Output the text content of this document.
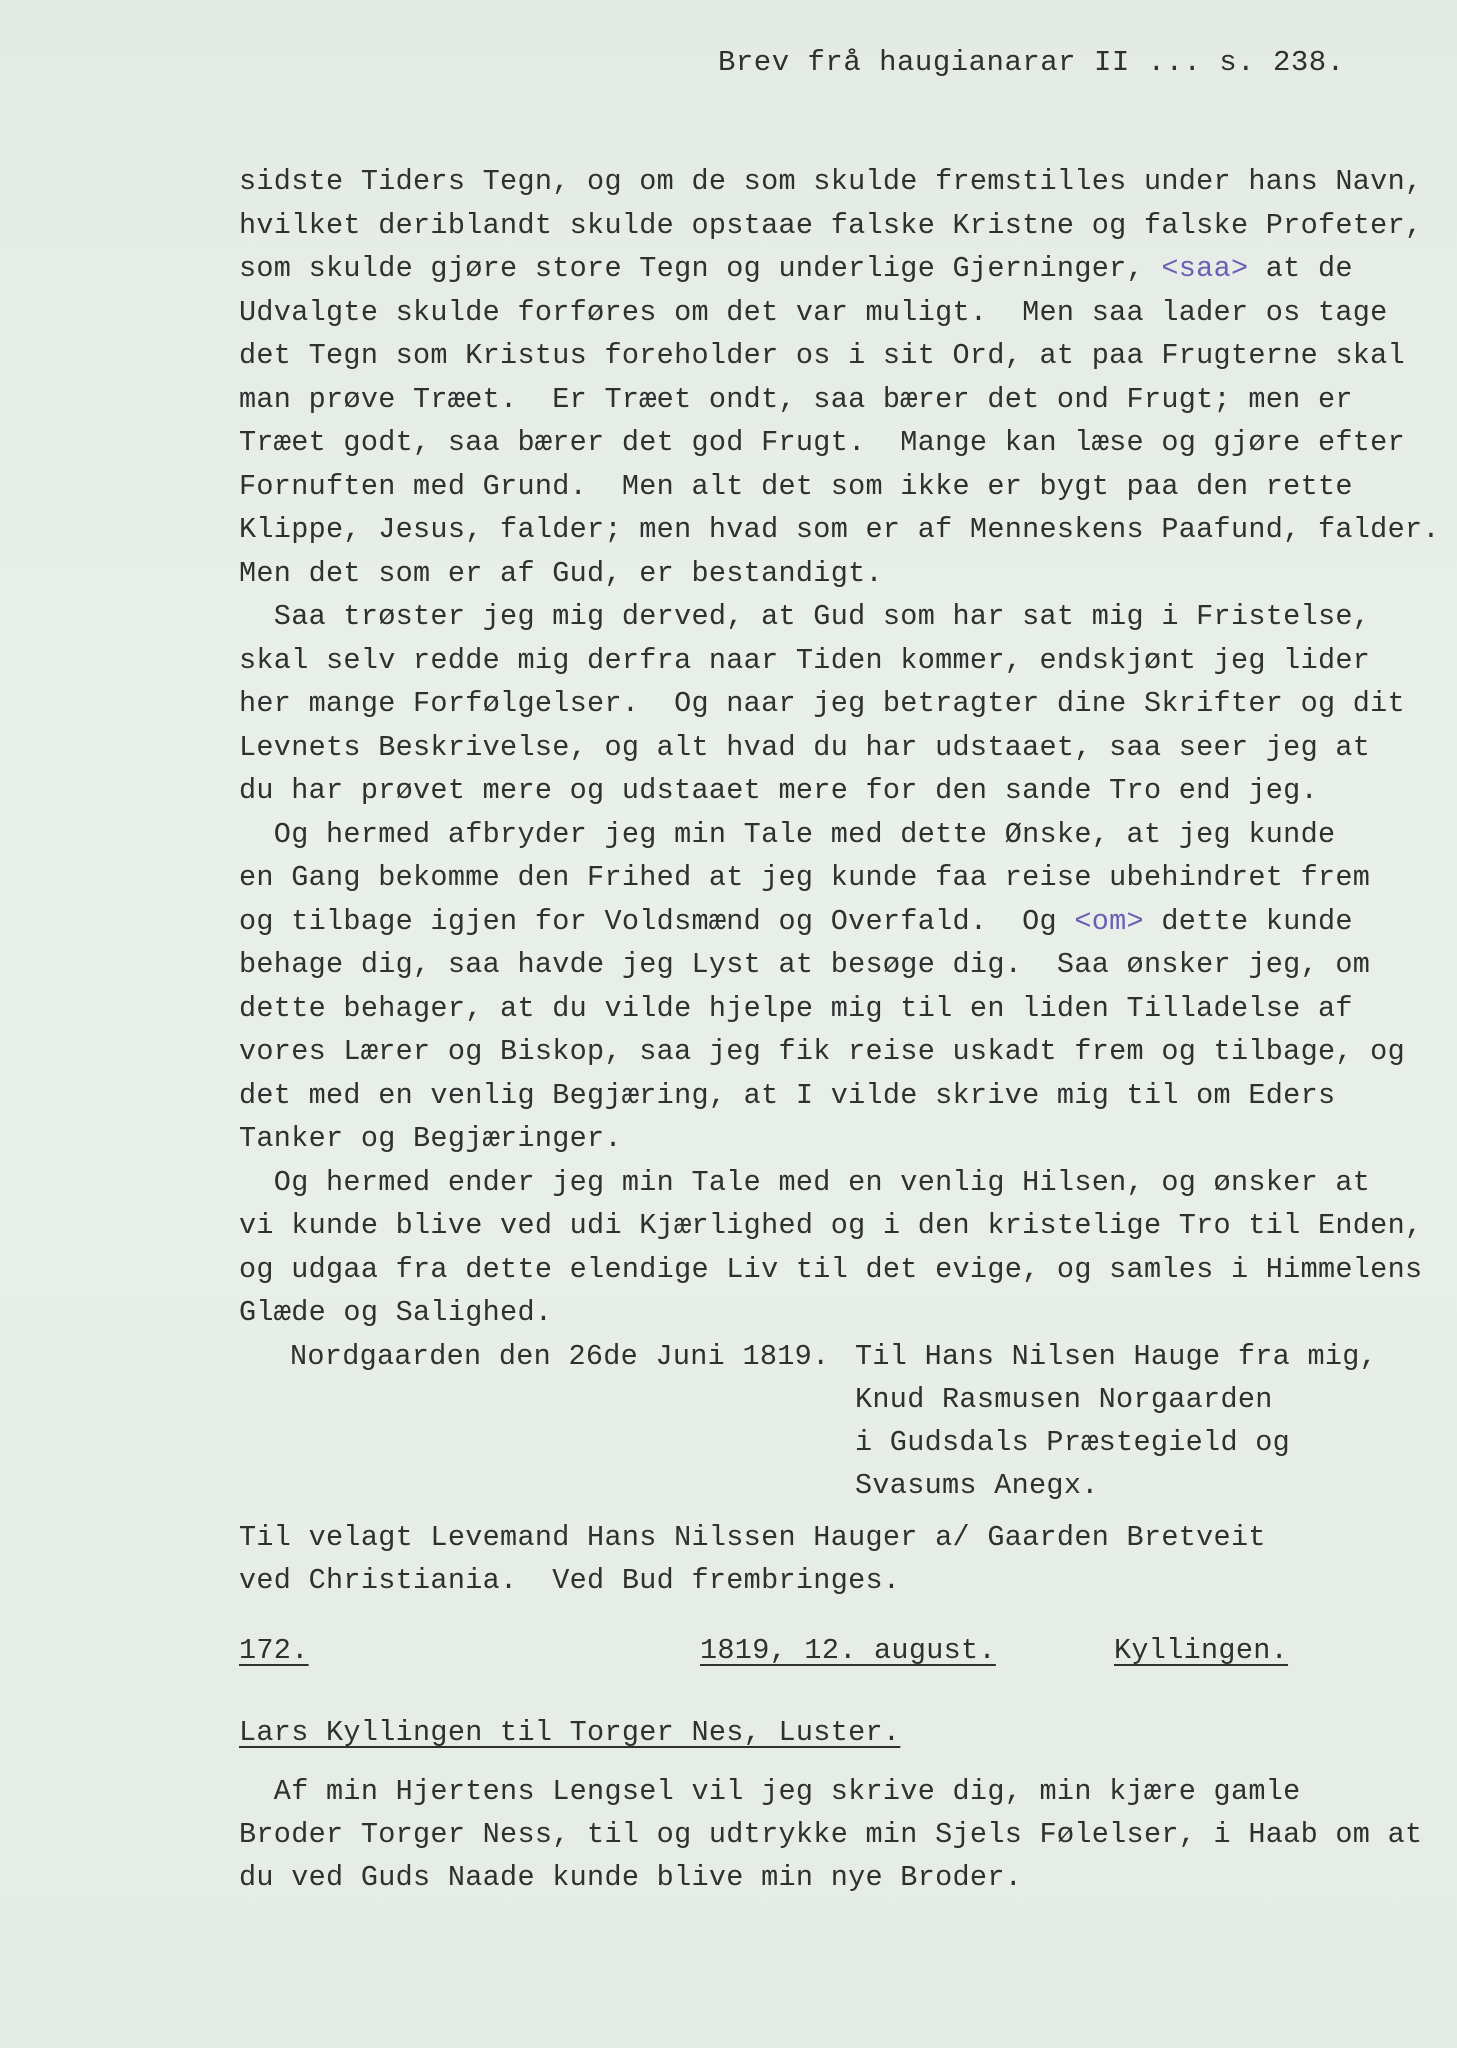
Brev frå haugianarar II ... s. 238.
sidste Tiders Tegn, og om de som skulde fremstilles under hans Navn,
hvilket deriblandt skulde opstaae falske Kristne og falske Profeter,
som skulde gjøre store Tegn og underlige Gjerninger, <saa> at de
Udvalgte skulde forføres om det var muligt.  Men saa lader os tage
det Tegn som Kristus foreholder os i sit Ord, at paa Frugterne skal
man prøve Træet.  Er Træet ondt, saa bærer det ond Frugt; men er
Træet godt, saa bærer det god Frugt.  Mange kan læse og gjøre efter
Fornuften med Grund.  Men alt det som ikke er bygt paa den rette
Klippe, Jesus, falder; men hvad som er af Menneskens Paafund, falder.
Men det som er af Gud, er bestandigt.
Saa trøster jeg mig derved, at Gud som har sat mig i Fristelse,
skal selv redde mig derfra naar Tiden kommer, endskjønt jeg lider
her mange Forfølgelser.  Og naar jeg betragter dine Skrifter og dit
Levnets Beskrivelse, og alt hvad du har udstaaet, saa seer jeg at
du har prøvet mere og udstaaet mere for den sande Tro end jeg.
Og hermed afbryder jeg min Tale med dette Ønske, at jeg kunde
en Gang bekomme den Frihed at jeg kunde faa reise ubehindret frem
og tilbage igjen for Voldsmænd og Overfald.  Og <om> dette kunde
behage dig, saa havde jeg Lyst at besøge dig.  Saa ønsker jeg, om
dette behager, at du vilde hjelpe mig til en liden Tilladelse af
vores Lærer og Biskop, saa jeg fik reise uskadt frem og tilbage, og
det med en venlig Begjæring, at I vilde skrive mig til om Eders
Tanker og Begjæringer.
Og hermed ender jeg min Tale med en venlig Hilsen, og ønsker at
vi kunde blive ved udi Kjærlighed og i den kristelige Tro til Enden,
og udgaa fra dette elendige Liv til det evige, og samles i Himmelens
Glæde og Salighed.
Nordgaarden den 26de Juni 1819. Til Hans Nilsen Hauge fra mig,
Knud Rasmusen Norgaarden
i Gudsdals Præstegield og
Svasums Anegx.
Til velagt Levemand Hans Nilssen Hauger a/ Gaarden Bretveit
ved Christiania.  Ved Bud frembringes.
172.	1819, 12. august.	Kyllingen.
Lars Kyllingen til Torger Nes, Luster.
Af min Hjertens Lengsel vil jeg skrive dig, min kjære gamle
Broder Torger Ness, til og udtrykke min Sjels Følelser, i Haab om at
du ved Guds Naade kunde blive min nye Broder.
